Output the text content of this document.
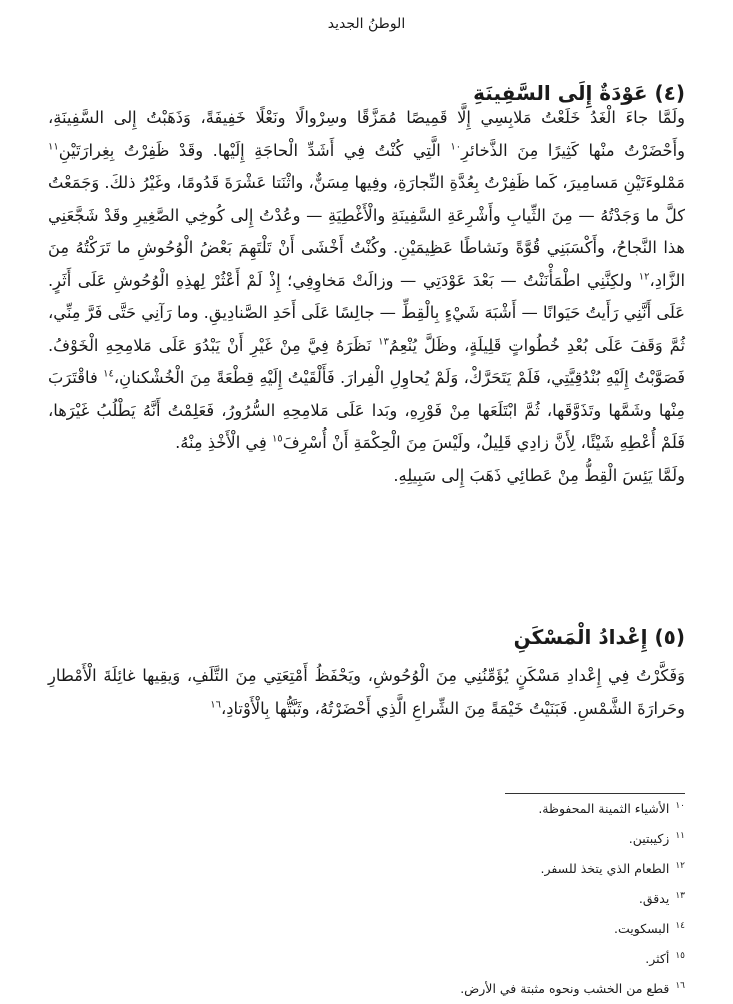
الوطنُ الجديد
(٤) عَوْدَةٌ إِلَى السَّفِينَةِ

ولَمَّا جاءَ الْغَدُ خَلَعْتُ مَلابِسِي إِلَّا قَمِيصًا مُمَزَّقًا وسِرْوالًا ونَعْلًا خَفِيفَةً، وَذَهَبْتُ إِلى السَّفِينَةِ، وأَحْضَرْتُ منْها كَثِيرًا مِنَ الذَّخائرِ$^{١٠}$ الَّتِي كُنْتُ فِي أَشَدِّ الْحاجَةِ إِلَيْها. وقَدْ ظَفِرْتُ بِغِرارَتَيْنِ$^{١١}$ مَمْلوءَتَيْنِ مَسامِيرَ، كَما ظَفِرْتُ بِعُدَّةِ النِّجارَةِ، وفِيها مِسَنٌّ، واثْنَتا عَشْرَةَ قَدُومًا، وغَيْرُ ذلكَ. وَجَمَعْتُ كلَّ ما وَجَدْتُهُ — مِنَ الثِّيابِ وأَشْرِعَةِ السَّفِينَةِ والْأَغْطِيَةِ — وعُدْتُ إِلى كُوخِي الصَّغِيرِ وقَدْ شَجَّعَنِي هذا النَّجاحُ، وأَكْسَبَنِي قُوَّةً ونَشاطًا عَظِيمَيْنِ. وكُنْتُ أَخْشَى أَنْ تَلْتَهِمَ بَعْضُ الْوُحُوشِ ما تَرَكْتُهُ مِنَ الزَّادِ،$^{١٢}$ ولكِنَّنِي اطْمَأْنَنْتُ — بَعْدَ عَوْدَتِي — وزالَتْ مَخاوِفِي؛ إِذْ لَمْ أَعْثُرْ لِهذِهِ الْوُحُوشِ عَلَى أَثَرٍ. عَلَى أَنَّنِي رَأَيتُ حَيَوانًا — أَشْبَهَ شَيْءٍ بِالْقِطِّ — جالِسًا عَلَى أَحَدِ الصَّنادِيقِ. وما رَآنِي حَتَّى فَرَّ مِنِّي، ثُمَّ وَقَفَ عَلَى بُعْدِ خُطُواتٍ قَلِيلَةٍ، وظَلَّ يُنْعِمُ$^{١٣}$ نَظَرَهُ فِيَّ مِنْ غَيْرِ أَنْ يَبْدُوَ عَلَى مَلامِحِهِ الْخَوْفُ. فَصَوَّبْتُ إِلَيْهِ بُنْدُقِيَّتِي، فَلَمْ يَتَحَرَّكْ، وَلَمْ يُحاوِلِ الْفِرارَ. فَأَلْقَيْتُ إِلَيْهِ قِطْعَةً مِنَ الْخُشْكنانِ،$^{١٤}$ فاقْتَرَبَ مِنْها وشَمَّها وتَذَوَّقَها، ثُمَّ ابْتَلَعَها مِنْ فَوْرِهِ، وبَدا عَلَى مَلامِحِهِ السُّرُورُ، فَعَلِمْتُ أَنَّهُ يَطْلُبُ غَيْرَها، فَلَمْ أُعْطِهِ شَيْئًا، لِأَنَّ زادِي قَلِيلٌ، ولَيْسَ مِنَ الْحِكْمَةِ أَنْ أُسْرِفَ$^{١٥}$ فِي الْأَخْذِ مِنْهُ.

ولَمَّا يَئِسَ الْقِطُّ مِنْ عَطائِي ذَهَبَ إِلى سَبِيلِهِ.

(٥) إِعْدادُ الْمَسْكَنِ

وَفَكَّرْتُ فِي إِعْدادِ مَسْكَنٍ يُؤَمِّنُنِي مِنَ الْوُحُوشِ، ويَحْفَظُ أَمْتِعَتِي مِنَ التَّلَفِ، وَيقِيها غائِلَةَ الْأَمْطارِ وحَرارَةَ الشَّمْسِ. فَبَنَيْتُ خَيْمَةً مِنَ الشِّراعِ الَّذِي أَحْضَرْتُهُ، وثَبَّتُّها بِالْأَوْتادِ،$^{١٦}$

$^{١٠}$الأشياء الثمينة المحفوظة.
$^{١١}$زكيبتين.
$^{١٢}$الطعام الذي يتخذ للسفر.
$^{١٣}$يدقق.
$^{١٤}$البسكويت.
$^{١٥}$أكثر.
$^{١٦}$قطع من الخشب ونحوه مثبتة في الأرض.
